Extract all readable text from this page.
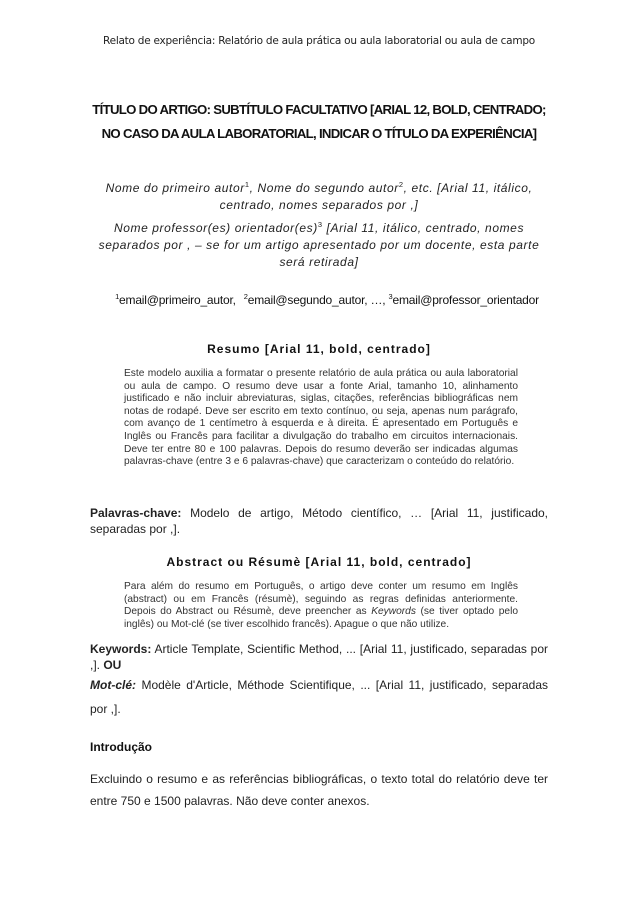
Relato de experiência: Relatório de aula prática ou aula laboratorial ou aula de campo
TÍTULO DO ARTIGO: SUBTÍTULO FACULTATIVO [ARIAL 12, BOLD, CENTRADO;
NO CASO DA AULA LABORATORIAL, INDICAR O TÍTULO DA EXPERIÊNCIA]
Nome do primeiro autor$^1$, Nome do segundo autor$^2$, etc. [Arial 11, itálico, centrado, nomes separados por ,]
Nome professor(es) orientador(es)$^3$ [Arial 11, itálico, centrado, nomes separados por , – se for um artigo apresentado por um docente, esta parte será retirada]
$^1$email@primeiro_autor, $^2$email@segundo_autor, …, $^3$email@professor_orientador
Resumo [Arial 11, bold, centrado]
Este modelo auxilia a formatar o presente relatório de aula prática ou aula laboratorial ou aula de campo. O resumo deve usar a fonte Arial, tamanho 10, alinhamento justificado e não incluir abreviaturas, siglas, citações, referências bibliográficas nem notas de rodapé. Deve ser escrito em texto contínuo, ou seja, apenas num parágrafo, com avanço de 1 centímetro à esquerda e à direita. É apresentado em Português e Inglês ou Francês para facilitar a divulgação do trabalho em circuitos internacionais. Deve ter entre 80 e 100 palavras. Depois do resumo deverão ser indicadas algumas palavras-chave (entre 3 e 6 palavras-chave) que caracterizam o conteúdo do relatório.
Palavras-chave: Modelo de artigo, Método científico, … [Arial 11, justificado, separadas por ,].
Abstract ou Résumè [Arial 11, bold, centrado]
Para além do resumo em Português, o artigo deve conter um resumo em Inglês (abstract) ou em Francês (résumè), seguindo as regras definidas anteriormente. Depois do Abstract ou Résumè, deve preencher as Keywords (se tiver optado pelo inglês) ou Mot-clé (se tiver escolhido francês). Apague o que não utilize.
Keywords: Article Template, Scientific Method, ... [Arial 11, justificado, separadas por ,]. OU
Mot-clé: Modèle d'Article, Méthode Scientifique, ... [Arial 11, justificado, separadas por ,].
Introdução
Excluindo o resumo e as referências bibliográficas, o texto total do relatório deve ter entre 750 e 1500 palavras. Não deve conter anexos.
